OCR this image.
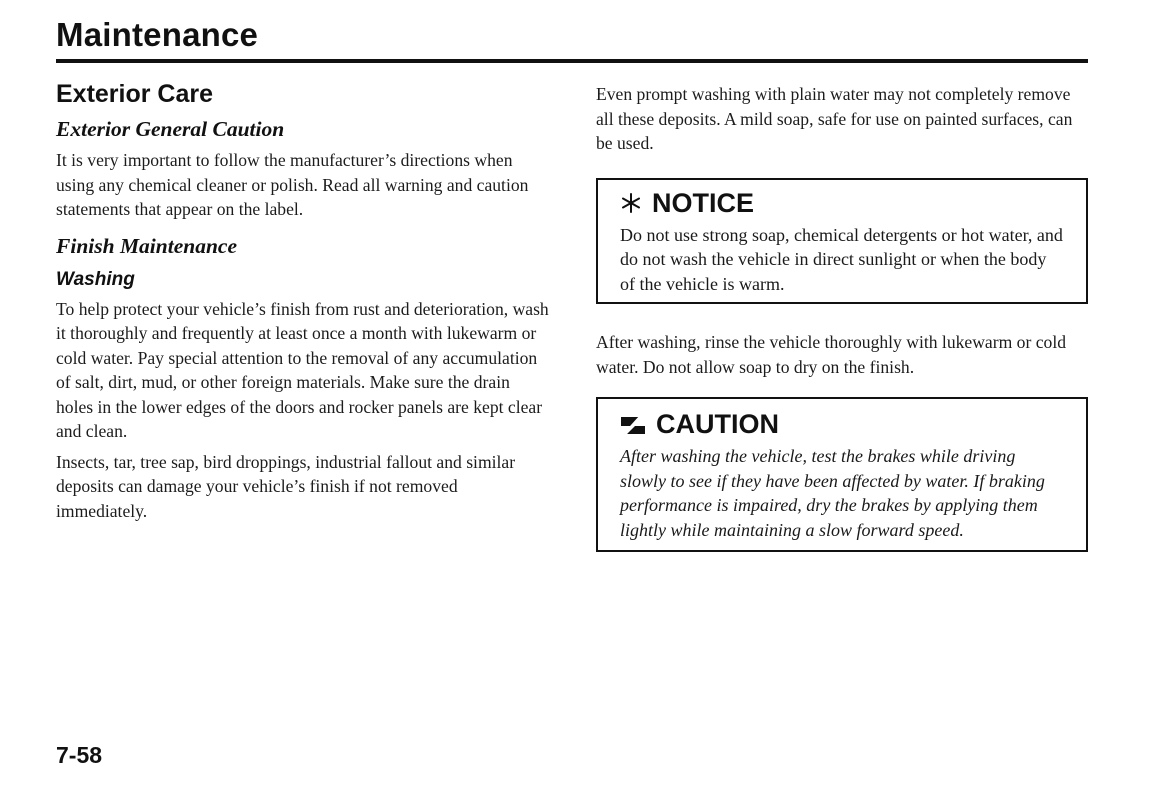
Maintenance
Exterior Care
Exterior General Caution

It is very important to follow the manufacturer’s directions when using any chemical cleaner or polish. Read all warning and caution statements that appear on the label.

Finish Maintenance
Washing

To help protect your vehicle’s finish from rust and deterioration, wash it thoroughly and frequently at least once a month with lukewarm or cold water. Pay special attention to the removal of any accumulation of salt, dirt, mud, or other foreign materials. Make sure the drain holes in the lower edges of the doors and rocker panels are kept clear and clean.

Insects, tar, tree sap, bird droppings, industrial fallout and similar deposits can damage your vehicle’s finish if not removed immediately.

Even prompt washing with plain water may not completely remove all these deposits. A mild soap, safe for use on painted surfaces, can be used.

NOTICE

Do not use strong soap, chemical detergents or hot water, and do not wash the vehicle in direct sunlight or when the body of the vehicle is warm.

After washing, rinse the vehicle thoroughly with lukewarm or cold water. Do not allow soap to dry on the finish.

CAUTION

After washing the vehicle, test the brakes while driving slowly to see if they have been affected by water. If braking performance is impaired, dry the brakes by applying them lightly while maintaining a slow forward speed.

7-58
